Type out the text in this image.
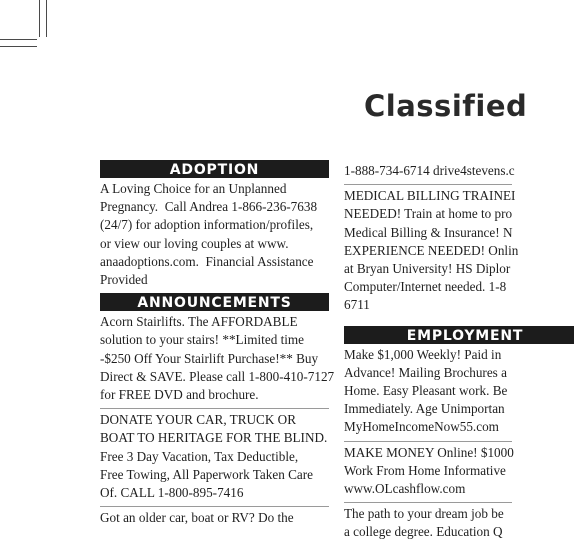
Classified
ADOPTION

A Loving Choice for an Unplanned
Pregnancy.  Call Andrea 1-866-236-7638
(24/7) for adoption information/profiles,
or view our loving couples at www.
anaadoptions.com.  Financial Assistance
Provided

ANNOUNCEMENTS

Acorn Stairlifts. The AFFORDABLE
solution to your stairs! **Limited time
-$250 Off Your Stairlift Purchase!** Buy
Direct & SAVE. Please call 1-800-410-7127
for FREE DVD and brochure.

DONATE YOUR CAR, TRUCK OR
BOAT TO HERITAGE FOR THE BLIND.
Free 3 Day Vacation, Tax Deductible,
Free Towing, All Paperwork Taken Care
Of. CALL 1-800-895-7416

Got an older car, boat or RV? Do the

1-888-734-6714 drive4stevens.c

MEDICAL BILLING TRAINEI
NEEDED! Train at home to pro
Medical Billing & Insurance! N
EXPERIENCE NEEDED! Onlin
at Bryan University! HS Diplor
Computer/Internet needed. 1-8
6711

EMPLOYMENT

Make $1,000 Weekly! Paid in
Advance! Mailing Brochures a
Home. Easy Pleasant work. Be
Immediately. Age Unimportan
MyHomeIncomeNow55.com

MAKE MONEY Online! $1000
Work From Home Informative
www.OLcashflow.com

The path to your dream job be
a college degree. Education Q
